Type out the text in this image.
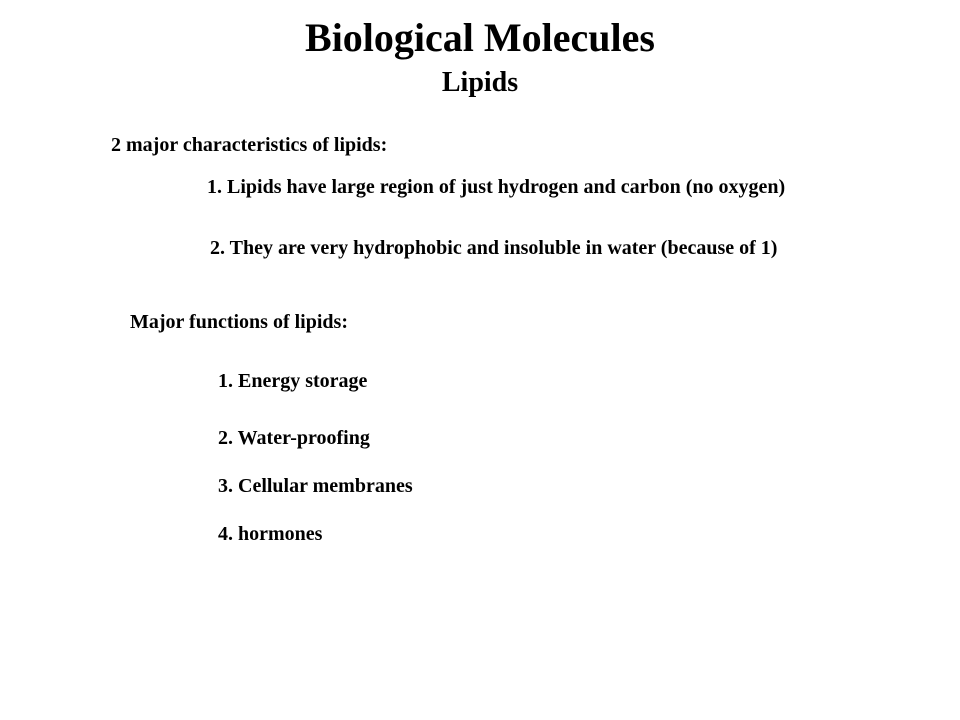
Biological Molecules
Lipids

2 major characteristics of lipids:

1. Lipids have large region of just hydrogen and carbon (no oxygen)

2. They are very hydrophobic and insoluble in water (because of 1)

Major functions of lipids:

1. Energy storage

2. Water-proofing

3. Cellular membranes

4. hormones
